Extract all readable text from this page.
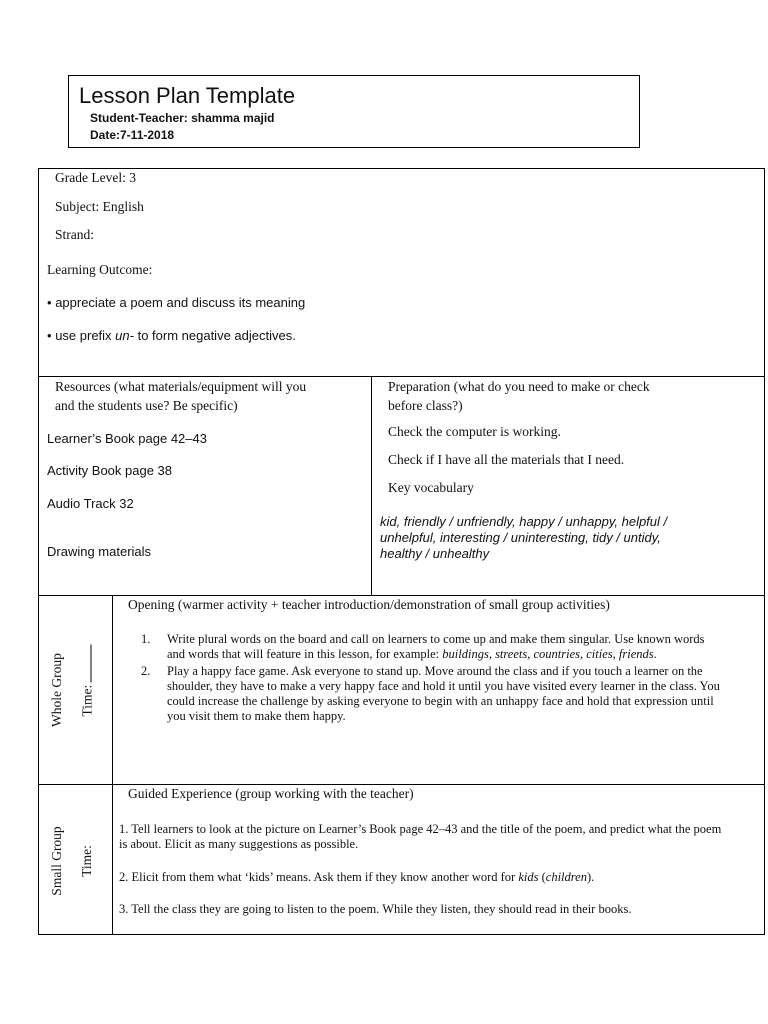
Lesson Plan Template
Student-Teacher: shamma majid
Date:7-11-2018
Grade Level: 3
Subject: English
Strand:
Learning Outcome:
• appreciate a poem and discuss its meaning
• use prefix un- to form negative adjectives.
Resources (what materials/equipment will you
and the students use? Be specific)
Learner’s Book page 42–43
Activity Book page 38
Audio Track 32
Drawing materials
Preparation (what do you need to make or check
before class?)
Check the computer is working.
Check if I have all the materials that I need.
Key vocabulary
kid, friendly / unfriendly, happy / unhappy, helpful /
unhelpful, interesting / uninteresting, tidy / untidy,
healthy / unhealthy
Whole Group Time:
Opening (warmer activity + teacher introduction/demonstration of small group activities)
1. Write plural words on the board and call on learners to come up and make them singular. Use known words and words that will feature in this lesson, for example: buildings, streets, countries, cities, friends.
2. Play a happy face game. Ask everyone to stand up. Move around the class and if you touch a learner on the shoulder, they have to make a very happy face and hold it until you have visited every learner in the class. You could increase the challenge by asking everyone to begin with an unhappy face and hold that expression until you visit them to make them happy.
Small Group Time:
Guided Experience (group working with the teacher)
1. Tell learners to look at the picture on Learner’s Book page 42–43 and the title of the poem, and predict what the poem is about. Elicit as many suggestions as possible.
2. Elicit from them what ‘kids’ means. Ask them if they know another word for kids (children).
3. Tell the class they are going to listen to the poem. While they listen, they should read in their books.
